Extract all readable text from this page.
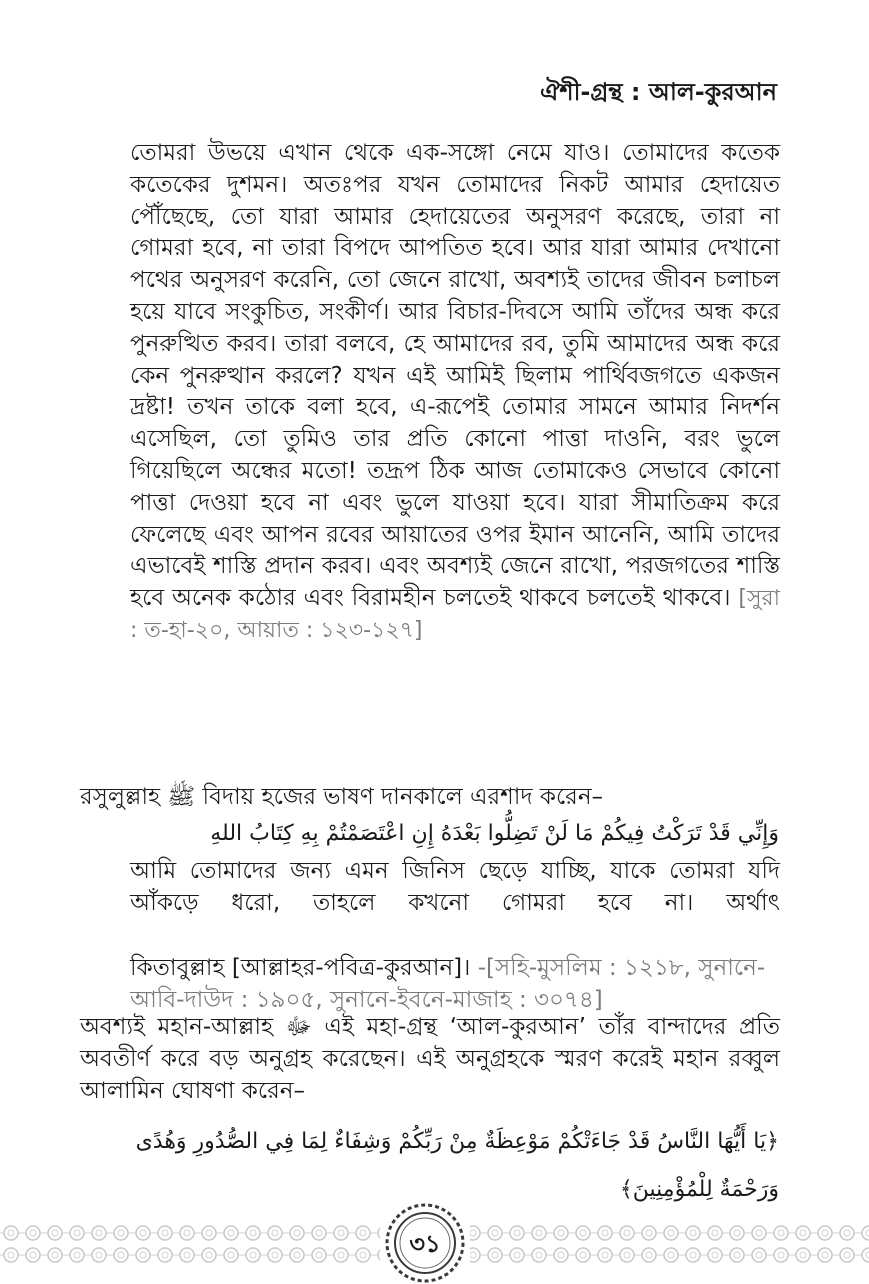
ঐশী-গ্রন্থ : আল-কুরআন

তোমরা উভয়ে এখান থেকে এক-সঙ্গো নেমে যাও। তোমাদের কতেক কতেকের দুশমন। অতঃপর যখন তোমাদের নিকট আমার হেদায়েত পৌঁছেছে, তো যারা আমার হেদায়েতের অনুসরণ করেছে, তারা না গোমরা হবে, না তারা বিপদে আপতিত হবে। আর যারা আমার দেখানো পথের অনুসরণ করেনি, তো জেনে রাখো, অবশ্যই তাদের জীবন চলাচল হয়ে যাবে সংকুচিত, সংকীর্ণ। আর বিচার-দিবসে আমি তাঁদের অন্ধ করে পুনরুত্থিত করব। তারা বলবে, হে আমাদের রব, তুমি আমাদের অন্ধ করে কেন পুনরুত্থান করলে? যখন এই আমিই ছিলাম পার্থিবজগতে একজন দ্রষ্টা! তখন তাকে বলা হবে, এ-রূপেই তোমার সামনে আমার নিদর্শন এসেছিল, তো তুমিও তার প্রতি কোনো পাত্তা দাওনি, বরং ভুলে গিয়েছিলে অন্ধের মতো! তদ্রূপ ঠিক আজ তোমাকেও সেভাবে কোনো পাত্তা দেওয়া হবে না এবং ভুলে যাওয়া হবে। যারা সীমাতিক্রম করে ফেলেছে এবং আপন রবের আয়াতের ওপর ইমান আনেনি, আমি তাদের এভাবেই শাস্তি প্রদান করব। এবং অবশ্যই জেনে রাখো, পরজগতের শাস্তি হবে অনেক কঠোর এবং বিরামহীন চলতেই থাকবে চলতেই থাকবে। [সুরা : ত-হা-২০, আয়াত : ১২৩-১২৭]

রসুলুল্লাহ ﷺ বিদায় হজের ভাষণ দানকালে এরশাদ করেন–
وَإِنِّي قَدْ تَرَكْتُ فِيكُمْ مَا لَنْ تَضِلُّوا بَعْدَهُ إِنِ اعْتَصَمْتُمْ بِهِ كِتَابُ اللهِ

আমি তোমাদের জন্য এমন জিনিস ছেড়ে যাচ্ছি, যাকে তোমরা যদি আঁকড়ে ধরো, তাহলে কখনো গোমরা হবে না। অর্থাৎ

কিতাবুল্লাহ [আল্লাহর-পবিত্র-কুরআন]। -[সহি-মুসলিম : ১২১৮, সুনানে-আবি-দাউদ : ১৯০৫, সুনানে-ইবনে-মাজাহ : ৩০৭৪]

অবশ্যই মহান-আল্লাহ ﷻ এই মহা-গ্রন্থ ‘আল-কুরআন’ তাঁর বান্দাদের প্রতি অবতীর্ণ করে বড় অনুগ্রহ করেছেন। এই অনুগ্রহকে স্মরণ করেই মহান রব্বুল আলামিন ঘোষণা করেন–

﴿يَا أَيُّهَا النَّاسُ قَدْ جَاءَتْكُمْ مَوْعِظَةٌ مِنْ رَبِّكُمْ وَشِفَاءٌ لِمَا فِي الصُّدُورِ وَهُدًى وَرَحْمَةٌ لِلْمُؤْمِنِينَ﴾
৩১
